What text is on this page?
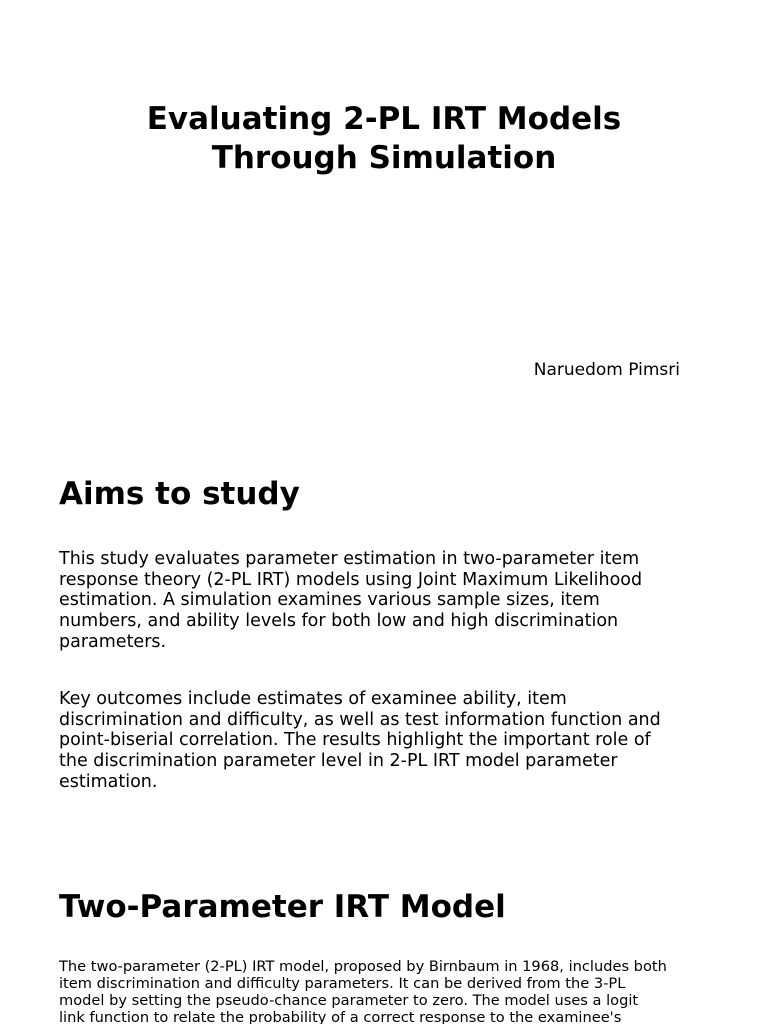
Evaluating 2-PL IRT Models
Through Simulation

Naruedom Pimsri

Aims to study

This study evaluates parameter estimation in two-parameter item
response theory (2-PL IRT) models using Joint Maximum Likelihood
estimation. A simulation examines various sample sizes, item
numbers, and ability levels for both low and high discrimination
parameters.

Key outcomes include estimates of examinee ability, item
discrimination and difficulty, as well as test information function and
point-biserial correlation. The results highlight the important role of
the discrimination parameter level in 2-PL IRT model parameter
estimation.

Two-Parameter IRT Model

The two-parameter (2-PL) IRT model, proposed by Birnbaum in 1968, includes both
item discrimination and difficulty parameters. It can be derived from the 3-PL
model by setting the pseudo-chance parameter to zero. The model uses a logit
link function to relate the probability of a correct response to the examinee's
